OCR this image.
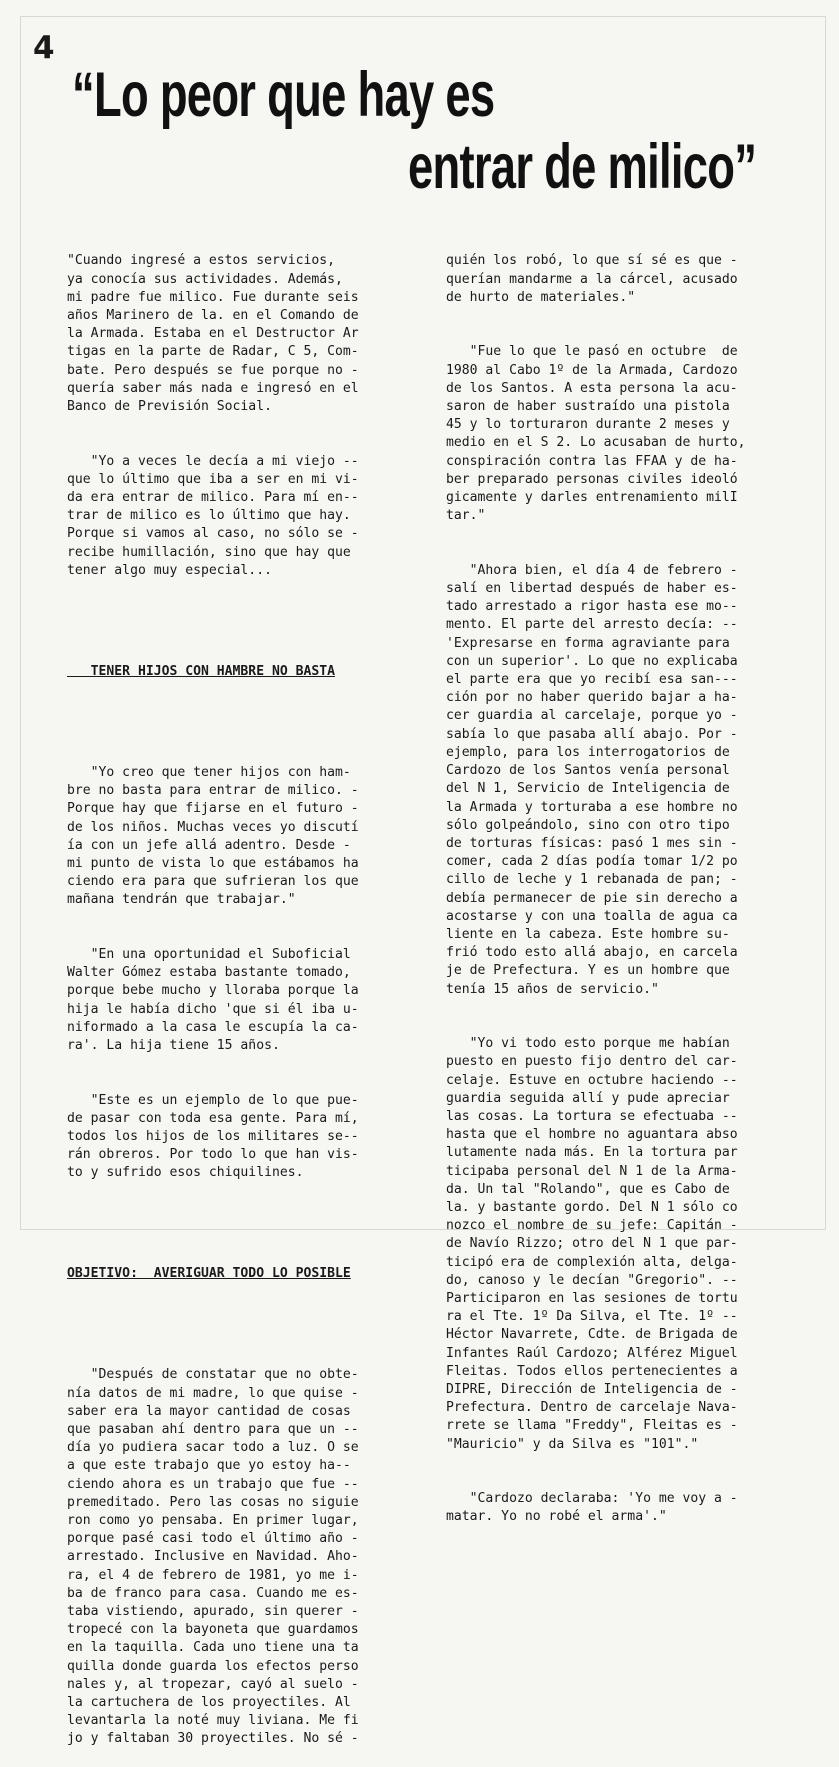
4
“Lo peor que hay es
entrar de milico”

"Cuando ingresé a estos servicios,
ya conocía sus actividades. Además,
mi padre fue milico. Fue durante seis
años Marinero de la. en el Comando de
la Armada. Estaba en el Destructor Ar
tigas en la parte de Radar, C 5, Com-
bate. Pero después se fue porque no -
quería saber más nada e ingresó en el
Banco de Previsión Social.

"Yo a veces le decía a mi viejo --
que lo último que iba a ser en mi vi-
da era entrar de milico. Para mí en--
trar de milico es lo último que hay.
Porque si vamos al caso, no sólo se -
recibe humillación, sino que hay que
tener algo muy especial...

TENER HIJOS CON HAMBRE NO BASTA

"Yo creo que tener hijos con ham-
bre no basta para entrar de milico. -
Porque hay que fijarse en el futuro -
de los niños. Muchas veces yo discutí
ía con un jefe allá adentro. Desde -
mi punto de vista lo que estábamos ha
ciendo era para que sufrieran los que
mañana tendrán que trabajar."

"En una oportunidad el Suboficial
Walter Gómez estaba bastante tomado,
porque bebe mucho y lloraba porque la
hija le había dicho 'que si él iba u-
niformado a la casa le escupía la ca-
ra'. La hija tiene 15 años.

"Este es un ejemplo de lo que pue-
de pasar con toda esa gente. Para mí,
todos los hijos de los militares se--
rán obreros. Por todo lo que han vis-
to y sufrido esos chiquilines.

OBJETIVO:  AVERIGUAR TODO LO POSIBLE

"Después de constatar que no obte-
nía datos de mi madre, lo que quise -
saber era la mayor cantidad de cosas
que pasaban ahí dentro para que un --
día yo pudiera sacar todo a luz. O se
a que este trabajo que yo estoy ha--
ciendo ahora es un trabajo que fue --
premeditado. Pero las cosas no siguie
ron como yo pensaba. En primer lugar,
porque pasé casi todo el último año -
arrestado. Inclusive en Navidad. Aho-
ra, el 4 de febrero de 1981, yo me i-
ba de franco para casa. Cuando me es-
taba vistiendo, apurado, sin querer -
tropecé con la bayoneta que guardamos
en la taquilla. Cada uno tiene una ta
quilla donde guarda los efectos perso
nales y, al tropezar, cayó al suelo -
la cartuchera de los proyectiles. Al
levantarla la noté muy liviana. Me fi
jo y faltaban 30 proyectiles. No sé -

quién los robó, lo que sí sé es que -
querían mandarme a la cárcel, acusado
de hurto de materiales."

"Fue lo que le pasó en octubre  de
1980 al Cabo 1º de la Armada, Cardozo
de los Santos. A esta persona la acu-
saron de haber sustraído una pistola
45 y lo torturaron durante 2 meses y
medio en el S 2. Lo acusaban de hurto,
conspiración contra las FFAA y de ha-
ber preparado personas civiles ideoló
gicamente y darles entrenamiento milI
tar."

"Ahora bien, el día 4 de febrero -
salí en libertad después de haber es-
tado arrestado a rigor hasta ese mo--
mento. El parte del arresto decía: --
'Expresarse en forma agraviante para
con un superior'. Lo que no explicaba
el parte era que yo recibí esa san---
ción por no haber querido bajar a ha-
cer guardia al carcelaje, porque yo -
sabía lo que pasaba allí abajo. Por -
ejemplo, para los interrogatorios de
Cardozo de los Santos venía personal
del N 1, Servicio de Inteligencia de
la Armada y torturaba a ese hombre no
sólo golpeándolo, sino con otro tipo
de torturas físicas: pasó 1 mes sin -
comer, cada 2 días podía tomar 1/2 po
cillo de leche y 1 rebanada de pan; -
debía permanecer de pie sin derecho a
acostarse y con una toalla de agua ca
liente en la cabeza. Este hombre su-
frió todo esto allá abajo, en carcela
je de Prefectura. Y es un hombre que
tenía 15 años de servicio."

"Yo vi todo esto porque me habían
puesto en puesto fijo dentro del car-
celaje. Estuve en octubre haciendo --
guardia seguida allí y pude apreciar
las cosas. La tortura se efectuaba --
hasta que el hombre no aguantara abso
lutamente nada más. En la tortura par
ticipaba personal del N 1 de la Arma-
da. Un tal "Rolando", que es Cabo de
la. y bastante gordo. Del N 1 sólo co
nozco el nombre de su jefe: Capitán -
de Navío Rizzo; otro del N 1 que par-
ticipó era de complexión alta, delga-
do, canoso y le decían "Gregorio". --
Participaron en las sesiones de tortu
ra el Tte. 1º Da Silva, el Tte. 1º --
Héctor Navarrete, Cdte. de Brigada de
Infantes Raúl Cardozo; Alférez Miguel
Fleitas. Todos ellos pertenecientes a
DIPRE, Dirección de Inteligencia de -
Prefectura. Dentro de carcelaje Nava-
rrete se llama "Freddy", Fleitas es -
"Mauricio" y da Silva es "101"."

"Cardozo declaraba: 'Yo me voy a -
matar. Yo no robé el arma'."
